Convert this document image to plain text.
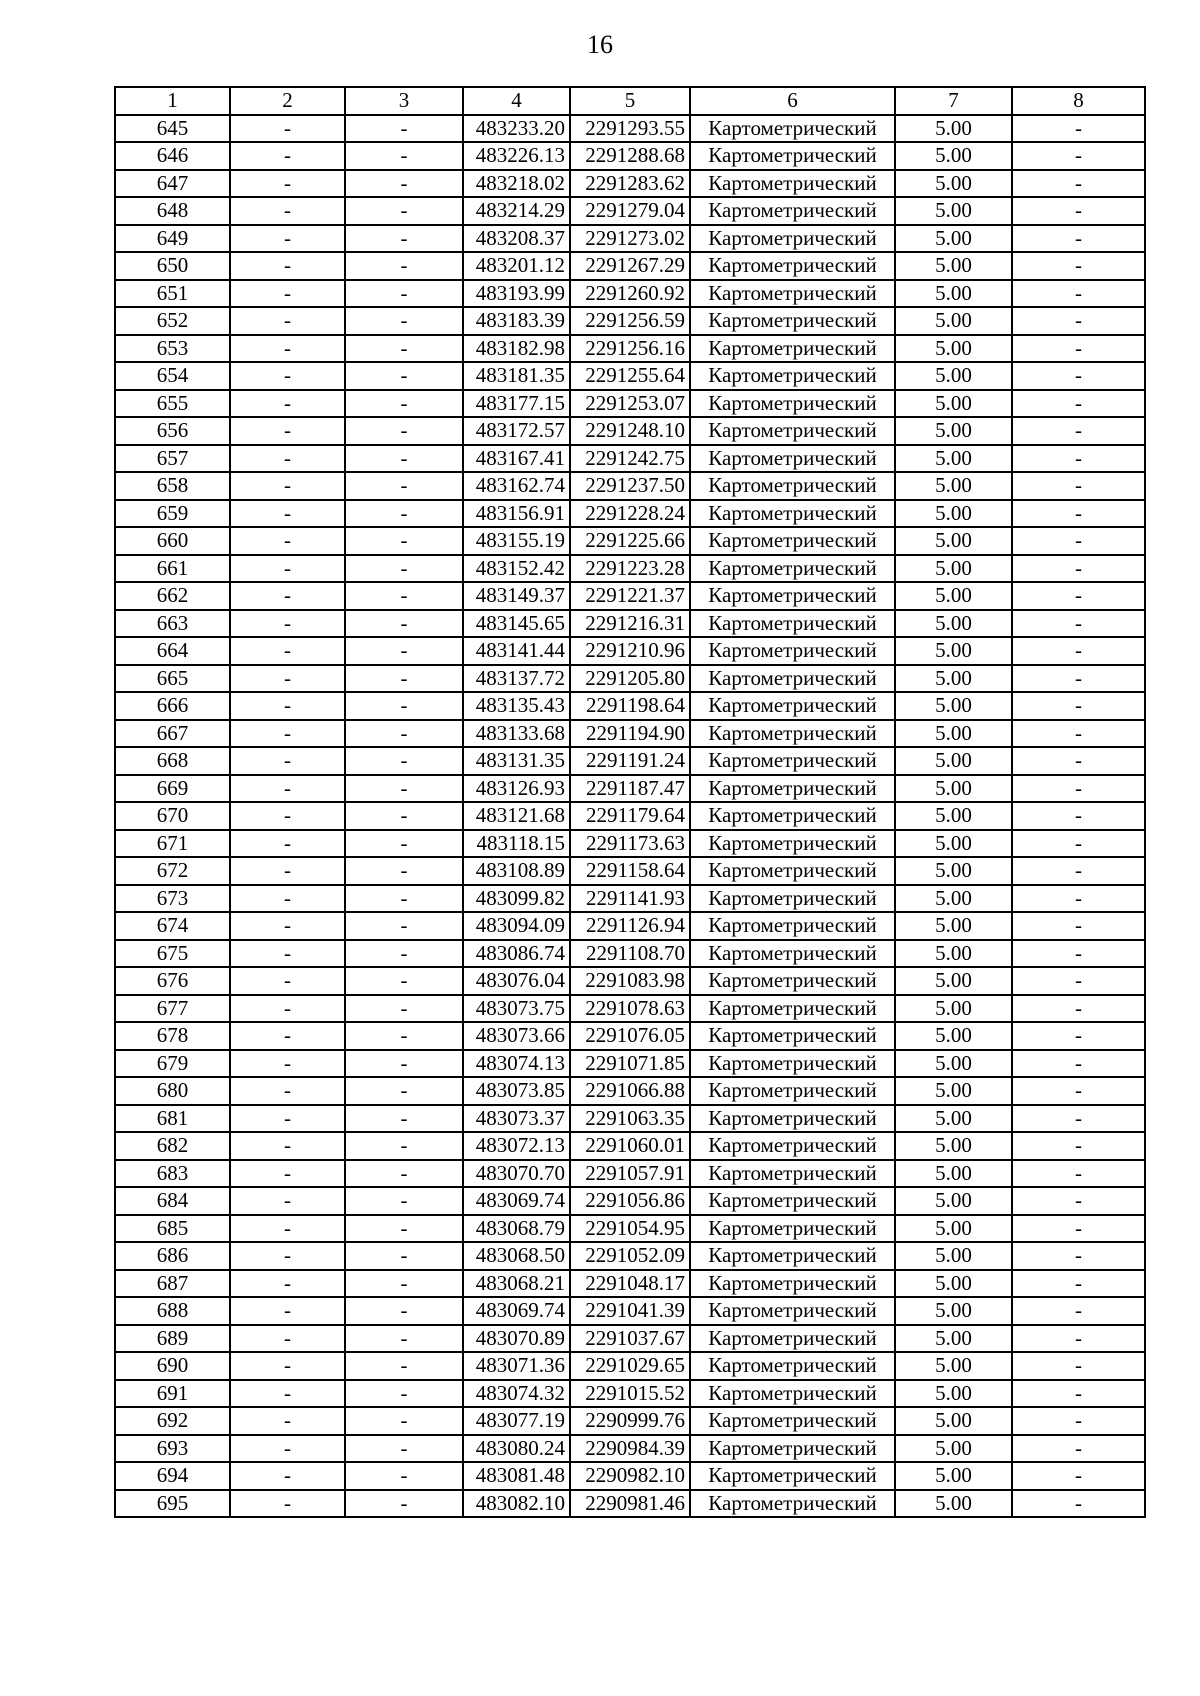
16
1	2	3	4	5	6	7	8
645	-	-	483233.20	2291293.55	Картометрический	5.00	-
646	-	-	483226.13	2291288.68	Картометрический	5.00	-
647	-	-	483218.02	2291283.62	Картометрический	5.00	-
648	-	-	483214.29	2291279.04	Картометрический	5.00	-
649	-	-	483208.37	2291273.02	Картометрический	5.00	-
650	-	-	483201.12	2291267.29	Картометрический	5.00	-
651	-	-	483193.99	2291260.92	Картометрический	5.00	-
652	-	-	483183.39	2291256.59	Картометрический	5.00	-
653	-	-	483182.98	2291256.16	Картометрический	5.00	-
654	-	-	483181.35	2291255.64	Картометрический	5.00	-
655	-	-	483177.15	2291253.07	Картометрический	5.00	-
656	-	-	483172.57	2291248.10	Картометрический	5.00	-
657	-	-	483167.41	2291242.75	Картометрический	5.00	-
658	-	-	483162.74	2291237.50	Картометрический	5.00	-
659	-	-	483156.91	2291228.24	Картометрический	5.00	-
660	-	-	483155.19	2291225.66	Картометрический	5.00	-
661	-	-	483152.42	2291223.28	Картометрический	5.00	-
662	-	-	483149.37	2291221.37	Картометрический	5.00	-
663	-	-	483145.65	2291216.31	Картометрический	5.00	-
664	-	-	483141.44	2291210.96	Картометрический	5.00	-
665	-	-	483137.72	2291205.80	Картометрический	5.00	-
666	-	-	483135.43	2291198.64	Картометрический	5.00	-
667	-	-	483133.68	2291194.90	Картометрический	5.00	-
668	-	-	483131.35	2291191.24	Картометрический	5.00	-
669	-	-	483126.93	2291187.47	Картометрический	5.00	-
670	-	-	483121.68	2291179.64	Картометрический	5.00	-
671	-	-	483118.15	2291173.63	Картометрический	5.00	-
672	-	-	483108.89	2291158.64	Картометрический	5.00	-
673	-	-	483099.82	2291141.93	Картометрический	5.00	-
674	-	-	483094.09	2291126.94	Картометрический	5.00	-
675	-	-	483086.74	2291108.70	Картометрический	5.00	-
676	-	-	483076.04	2291083.98	Картометрический	5.00	-
677	-	-	483073.75	2291078.63	Картометрический	5.00	-
678	-	-	483073.66	2291076.05	Картометрический	5.00	-
679	-	-	483074.13	2291071.85	Картометрический	5.00	-
680	-	-	483073.85	2291066.88	Картометрический	5.00	-
681	-	-	483073.37	2291063.35	Картометрический	5.00	-
682	-	-	483072.13	2291060.01	Картометрический	5.00	-
683	-	-	483070.70	2291057.91	Картометрический	5.00	-
684	-	-	483069.74	2291056.86	Картометрический	5.00	-
685	-	-	483068.79	2291054.95	Картометрический	5.00	-
686	-	-	483068.50	2291052.09	Картометрический	5.00	-
687	-	-	483068.21	2291048.17	Картометрический	5.00	-
688	-	-	483069.74	2291041.39	Картометрический	5.00	-
689	-	-	483070.89	2291037.67	Картометрический	5.00	-
690	-	-	483071.36	2291029.65	Картометрический	5.00	-
691	-	-	483074.32	2291015.52	Картометрический	5.00	-
692	-	-	483077.19	2290999.76	Картометрический	5.00	-
693	-	-	483080.24	2290984.39	Картометрический	5.00	-
694	-	-	483081.48	2290982.10	Картометрический	5.00	-
695	-	-	483082.10	2290981.46	Картометрический	5.00	-
